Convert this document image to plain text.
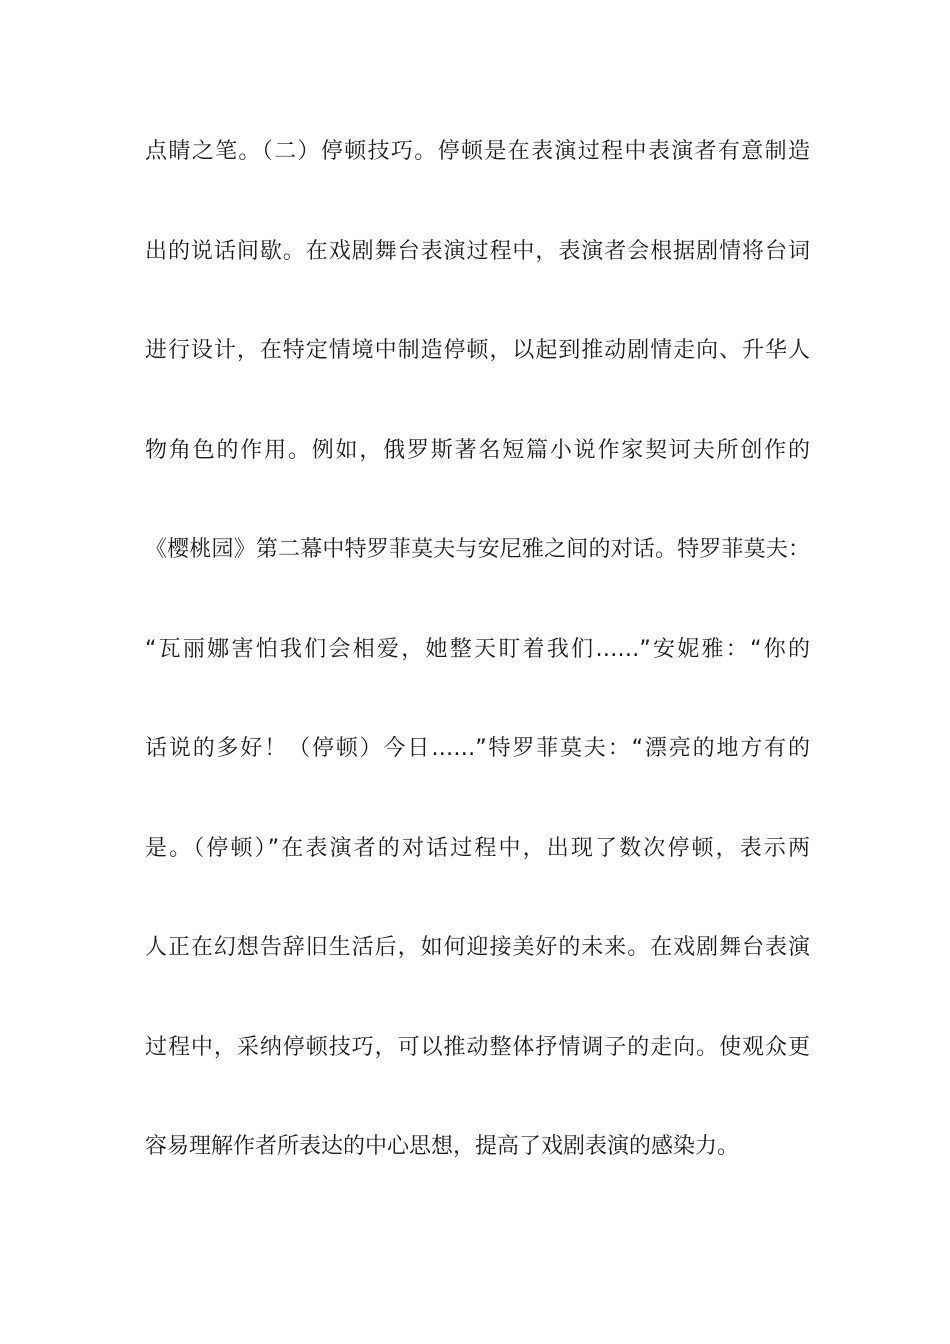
点睛之笔。（二）停顿技巧。停顿是在表演过程中表演者有意制造
出的说话间歇。在戏剧舞台表演过程中，表演者会根据剧情将台词
进行设计，在特定情境中制造停顿，以起到推动剧情走向、升华人
物角色的作用。例如，俄罗斯著名短篇小说作家契诃夫所创作的
《樱桃园》第二幕中特罗菲莫夫与安尼雅之间的对话。特罗菲莫夫：
“瓦丽娜害怕我们会相爱，她整天盯着我们……”安妮雅：“你的
话说的多好！（停顿）今日……”特罗菲莫夫：“漂亮的地方有的
是。（停顿）”在表演者的对话过程中，出现了数次停顿，表示两
人正在幻想告辞旧生活后，如何迎接美好的未来。在戏剧舞台表演
过程中，采纳停顿技巧，可以推动整体抒情调子的走向。使观众更
容易理解作者所表达的中心思想，提高了戏剧表演的感染力。
